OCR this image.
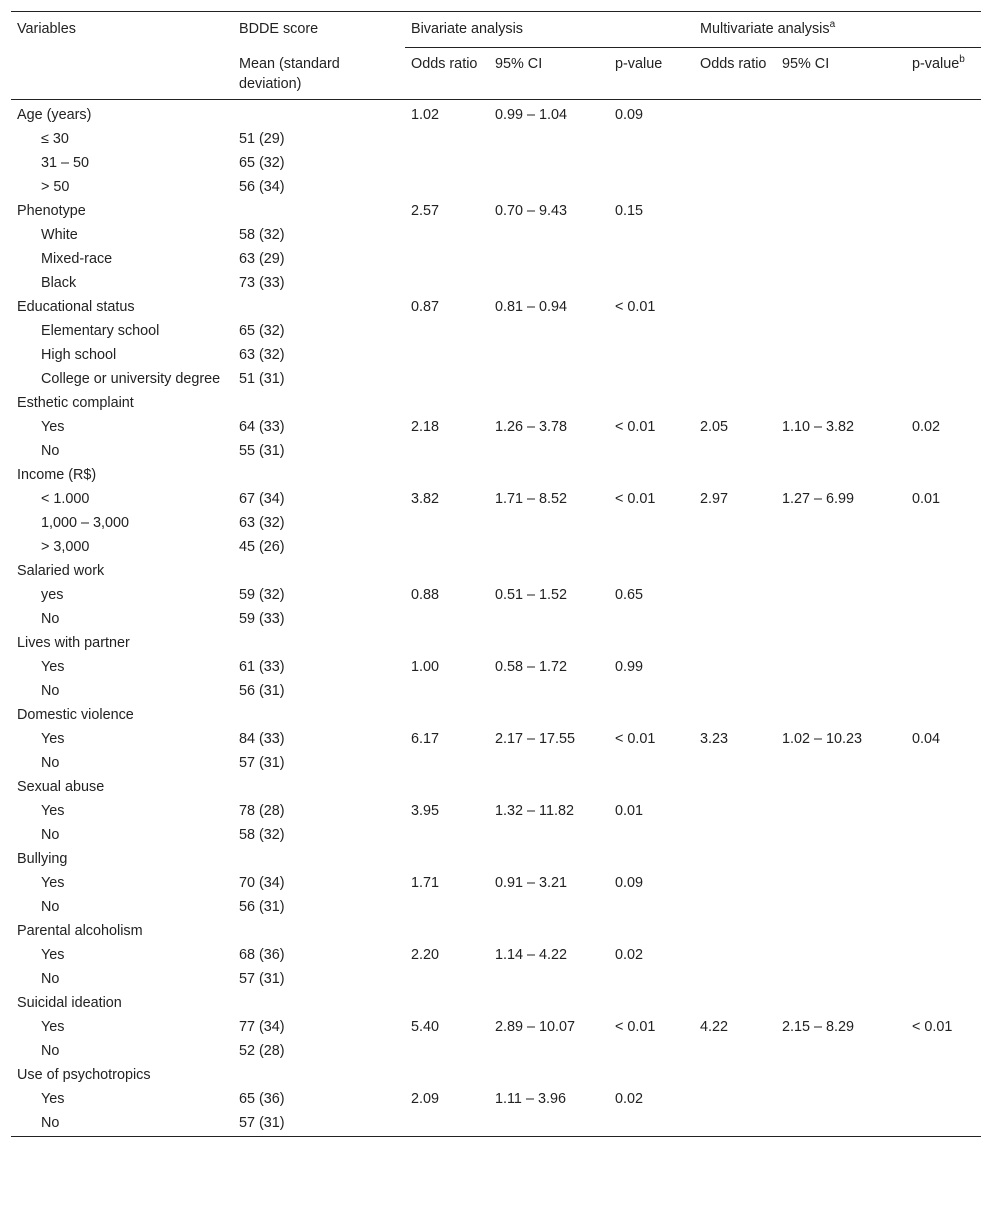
Variables	BDDE score	Bivariate analysis			Multivariate analysis$^a$
	Mean (standard deviation)	Odds ratio	95% CI	p-value	Odds ratio	95% CI	p-value$^b$
Age (years)		1.02	0.99 – 1.04	0.09			
≤ 30	51 (29)						
31 – 50	65 (32)						
> 50	56 (34)						
Phenotype		2.57	0.70 – 9.43	0.15			
White	58 (32)						
Mixed-race	63 (29)						
Black	73 (33)						
Educational status		0.87	0.81 – 0.94	< 0.01			
Elementary school	65 (32)						
High school	63 (32)						
College or university degree	51 (31)						
Esthetic complaint							
Yes	64 (33)	2.18	1.26 – 3.78	< 0.01	2.05	1.10 – 3.82	0.02
No	55 (31)						
Income (R$)							
< 1.000	67 (34)	3.82	1.71 – 8.52	< 0.01	2.97	1.27 – 6.99	0.01
1,000 – 3,000	63 (32)						
> 3,000	45 (26)						
Salaried work							
yes	59 (32)	0.88	0.51 – 1.52	0.65			
No	59 (33)						
Lives with partner							
Yes	61 (33)	1.00	0.58 – 1.72	0.99			
No	56 (31)						
Domestic violence							
Yes	84 (33)	6.17	2.17 – 17.55	< 0.01	3.23	1.02 – 10.23	0.04
No	57 (31)						
Sexual abuse							
Yes	78 (28)	3.95	1.32 – 11.82	0.01			
No	58 (32)						
Bullying							
Yes	70 (34)	1.71	0.91 – 3.21	0.09			
No	56 (31)						
Parental alcoholism							
Yes	68 (36)	2.20	1.14 – 4.22	0.02			
No	57 (31)						
Suicidal ideation							
Yes	77 (34)	5.40	2.89 – 10.07	< 0.01	4.22	2.15 – 8.29	< 0.01
No	52 (28)						
Use of psychotropics							
Yes	65 (36)	2.09	1.11 – 3.96	0.02			
No	57 (31)						
